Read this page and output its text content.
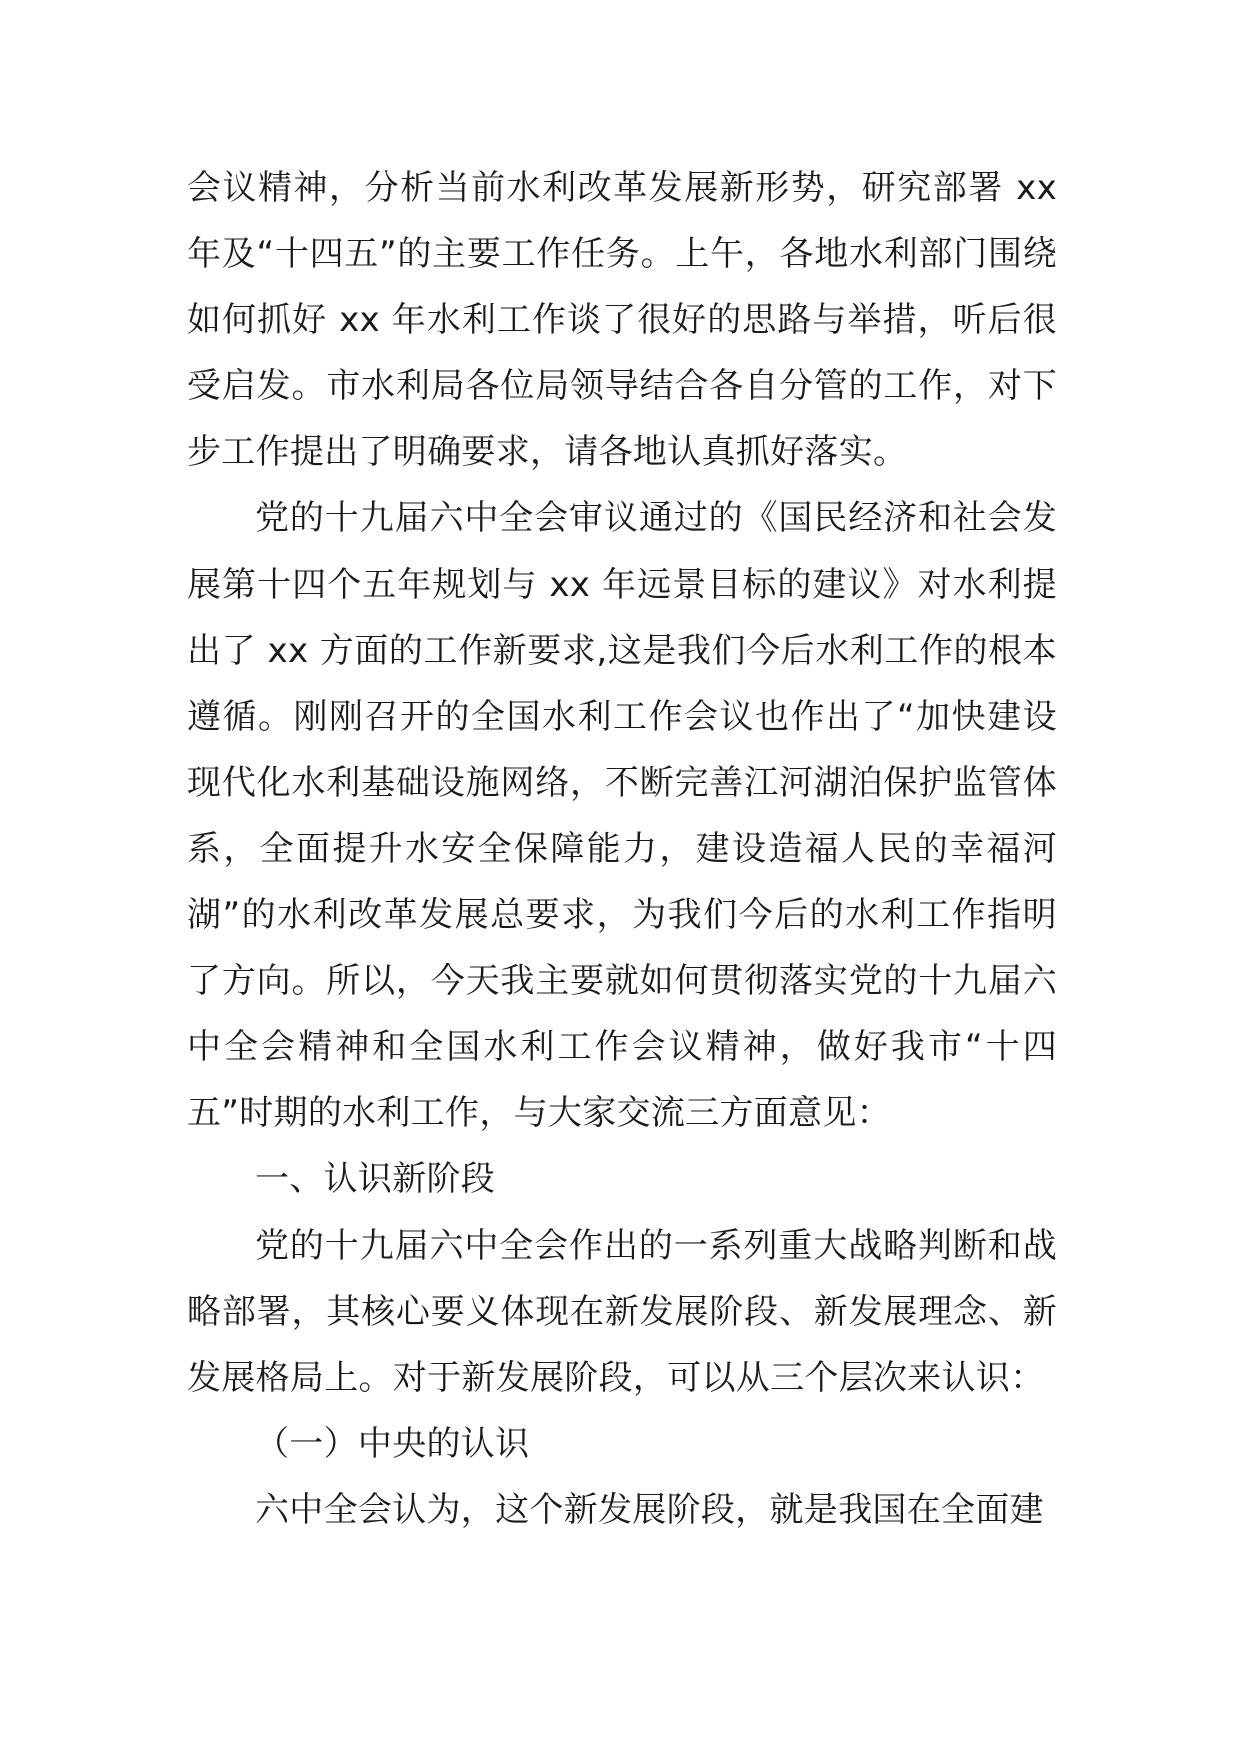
会议精神，分析当前水利改革发展新形势，研究部署 xx 年及“十四五”的主要工作任务。上午，各地水利部门围绕如何抓好 xx 年水利工作谈了很好的思路与举措，听后很受启发。市水利局各位局领导结合各自分管的工作，对下步工作提出了明确要求，请各地认真抓好落实。

党的十九届六中全会审议通过的《国民经济和社会发展第十四个五年规划与 xx 年远景目标的建议》对水利提出了 xx 方面的工作新要求,这是我们今后水利工作的根本遵循。刚刚召开的全国水利工作会议也作出了“加快建设现代化水利基础设施网络，不断完善江河湖泊保护监管体系，全面提升水安全保障能力，建设造福人民的幸福河湖”的水利改革发展总要求，为我们今后的水利工作指明了方向。所以，今天我主要就如何贯彻落实党的十九届六中全会精神和全国水利工作会议精神，做好我市“十四五”时期的水利工作，与大家交流三方面意见：

一、认识新阶段

党的十九届六中全会作出的一系列重大战略判断和战略部署，其核心要义体现在新发展阶段、新发展理念、新发展格局上。对于新发展阶段，可以从三个层次来认识：

（一）中央的认识

六中全会认为，这个新发展阶段，就是我国在全面建
